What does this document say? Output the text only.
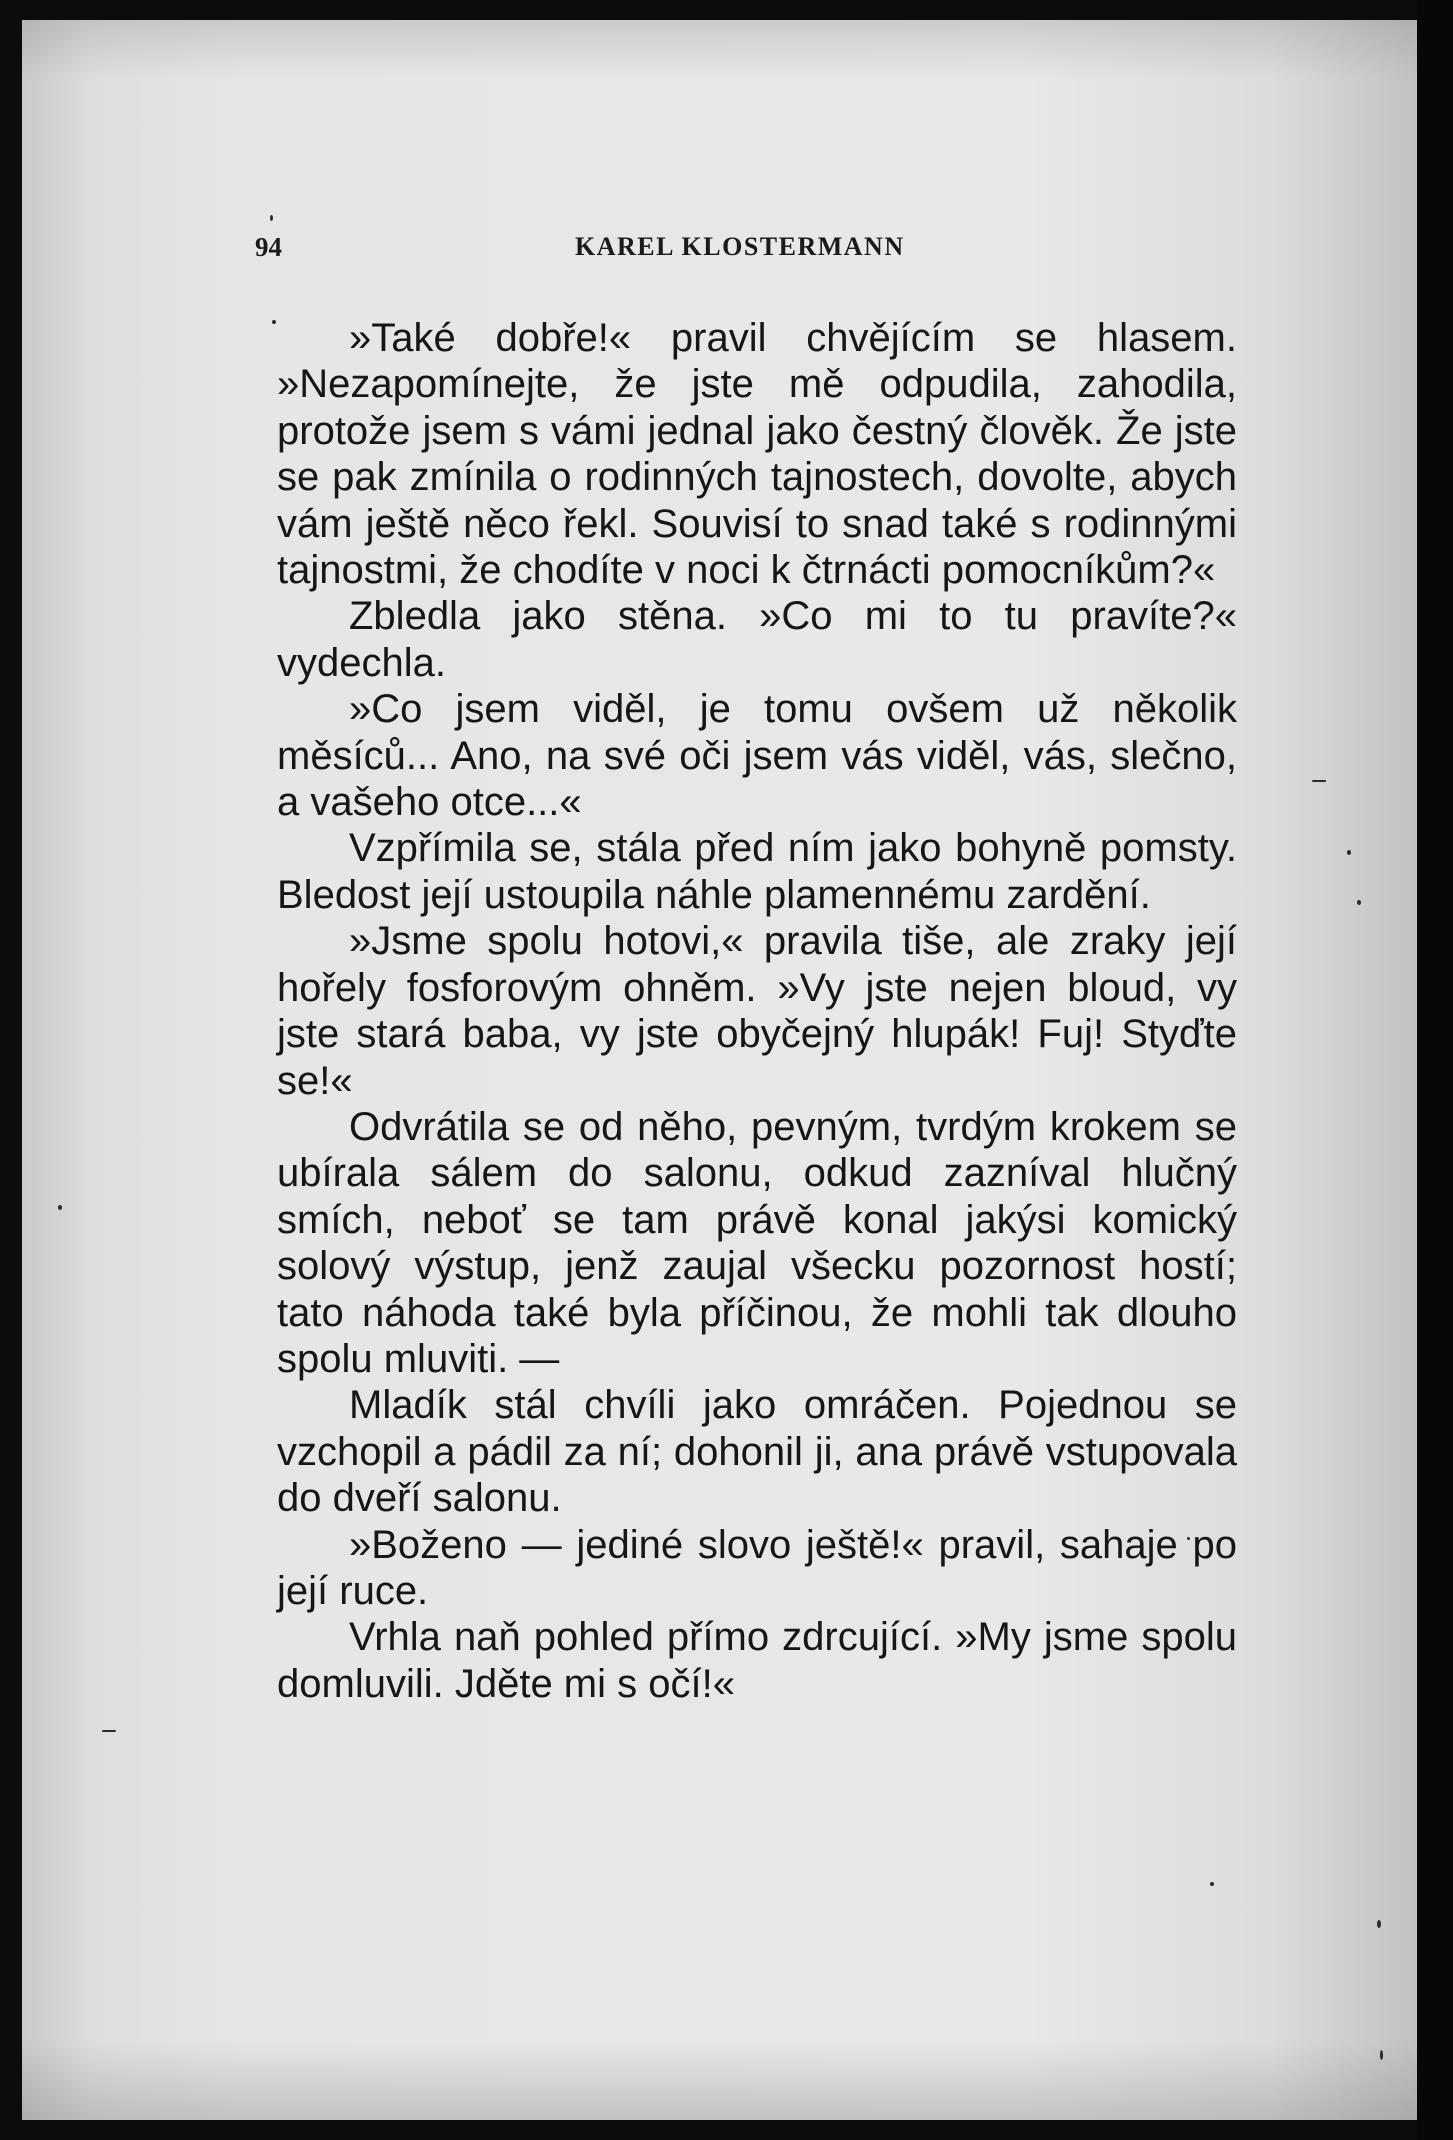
94	KAREL KLOSTERMANN

»Také dobře!« pravil chvějícím se hlasem. »Nezapomínejte, že jste mě odpudila, zahodila, protože jsem s vámi jednal jako čestný člověk. Že jste se pak zmínila o rodinných tajnostech, dovolte, abych vám ještě něco řekl. Souvisí to snad také s rodinnými tajnostmi, že chodíte v noci k čtrnácti pomocníkům?«

Zbledla jako stěna. »Co mi to tu pravíte?« vydechla.

»Co jsem viděl, je tomu ovšem už několik měsíců... Ano, na své oči jsem vás viděl, vás, slečno, a vašeho otce...«

Vzpřímila se, stála před ním jako bohyně pomsty. Bledost její ustoupila náhle plamennému zardění.

»Jsme spolu hotovi,« pravila tiše, ale zraky její hořely fosforovým ohněm. »Vy jste nejen bloud, vy jste stará baba, vy jste obyčejný hlupák! Fuj! Styďte se!«

Odvrátila se od něho, pevným, tvrdým krokem se ubírala sálem do salonu, odkud zazníval hlučný smích, neboť se tam právě konal jakýsi komický solový výstup, jenž zaujal všecku pozornost hostí; tato náhoda také byla příčinou, že mohli tak dlouho spolu mluviti. —

Mladík stál chvíli jako omráčen. Pojednou se vzchopil a pádil za ní; dohonil ji, ana právě vstupovala do dveří salonu.

»Boženo — jediné slovo ještě!« pravil, sahaje po její ruce.

Vrhla naň pohled přímo zdrcující. »My jsme spolu domluvili. Jděte mi s očí!«
